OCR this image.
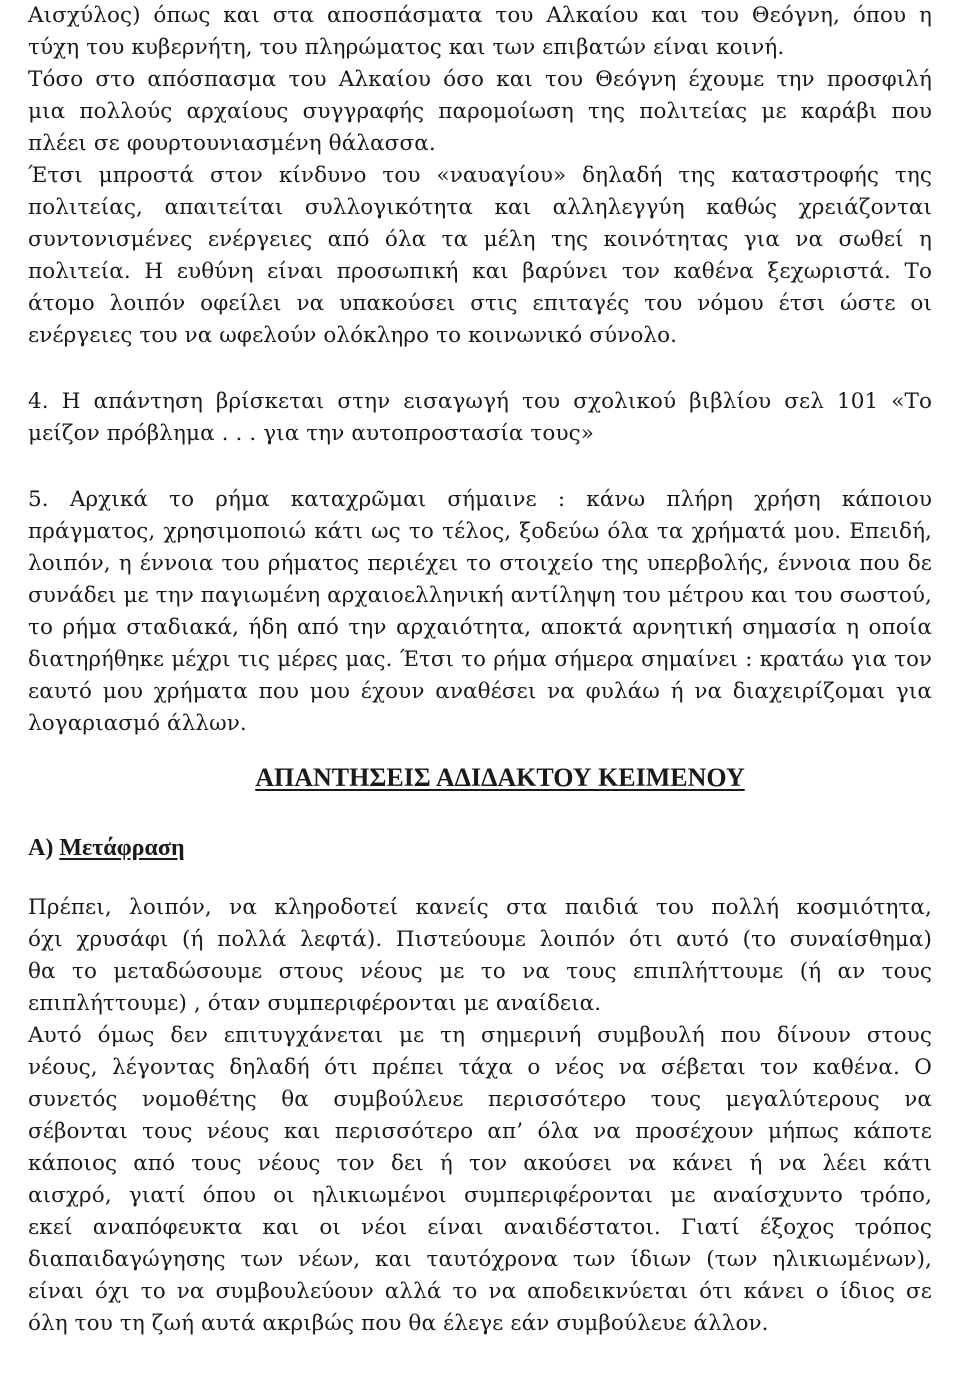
Αισχύλος) όπως και στα αποσπάσματα του Αλκαίου και του Θεόγνη, όπου η
τύχη του κυβερνήτη, του πληρώματος και των επιβατών είναι κοινή.
Τόσο στο απόσπασμα του Αλκαίου όσο και του Θεόγνη έχουμε την προσφιλή
μια πολλούς αρχαίους συγγραφής παρομοίωση της πολιτείας με καράβι που
πλέει σε φουρτουνιασμένη θάλασσα.
Έτσι μπροστά στον κίνδυνο του «ναυαγίου» δηλαδή της καταστροφής της
πολιτείας, απαιτείται συλλογικότητα και αλληλεγγύη καθώς χρειάζονται
συντονισμένες ενέργειες από όλα τα μέλη της κοινότητας για να σωθεί η
πολιτεία. Η ευθύνη είναι προσωπική και βαρύνει τον καθένα ξεχωριστά. Το
άτομο λοιπόν οφείλει να υπακούσει στις επιταγές του νόμου έτσι ώστε οι
ενέργειες του να ωφελούν ολόκληρο το κοινωνικό σύνολο.
4. Η απάντηση βρίσκεται στην εισαγωγή του σχολικού βιβλίου σελ 101 «Το
μείζον πρόβλημα . . . για την αυτοπροστασία τους»
5. Αρχικά το ρήμα καταχρῶμαι σήμαινε : κάνω πλήρη χρήση κάποιου
πράγματος, χρησιμοποιώ κάτι ως το τέλος, ξοδεύω όλα τα χρήματά μου. Επειδή,
λοιπόν, η έννοια του ρήματος περιέχει το στοιχείο της υπερβολής, έννοια που δε
συνάδει με την παγιωμένη αρχαιοελληνική αντίληψη του μέτρου και του σωστού,
το ρήμα σταδιακά, ήδη από την αρχαιότητα, αποκτά αρνητική σημασία η οποία
διατηρήθηκε μέχρι τις μέρες μας. Έτσι το ρήμα σήμερα σημαίνει : κρατάω για τον
εαυτό μου χρήματα που μου έχουν αναθέσει να φυλάω ή να διαχειρίζομαι για
λογαριασμό άλλων.
ΑΠΑΝΤΗΣΕΙΣ ΑΔΙΔΑΚΤΟΥ ΚΕΙΜΕΝΟΥ
Α) Μετάφραση
Πρέπει, λοιπόν, να κληροδοτεί κανείς στα παιδιά του πολλή κοσμιότητα,
όχι χρυσάφι (ή πολλά λεφτά). Πιστεύουμε λοιπόν ότι αυτό (το συναίσθημα)
θα το μεταδώσουμε στους νέους με το να τους επιπλήττουμε (ή αν τους
επιπλήττουμε) , όταν συμπεριφέρονται με αναίδεια.
Αυτό όμως δεν επιτυγχάνεται με τη σημερινή συμβουλή που δίνουν στους
νέους, λέγοντας δηλαδή ότι πρέπει τάχα ο νέος να σέβεται τον καθένα. Ο
συνετός νομοθέτης θα συμβούλευε περισσότερο τους μεγαλύτερους να
σέβονται τους νέους και περισσότερο απ’ όλα να προσέχουν μήπως κάποτε
κάποιος από τους νέους τον δει ή τον ακούσει να κάνει ή να λέει κάτι
αισχρό, γιατί όπου οι ηλικιωμένοι συμπεριφέρονται με αναίσχυντο τρόπο,
εκεί αναπόφευκτα και οι νέοι είναι αναιδέστατοι. Γιατί έξοχος τρόπος
διαπαιδαγώγησης των νέων, και ταυτόχρονα των ίδιων (των ηλικιωμένων),
είναι όχι το να συμβουλεύουν αλλά το να αποδεικνύεται ότι κάνει ο ίδιος σε
όλη του τη ζωή αυτά ακριβώς που θα έλεγε εάν συμβούλευε άλλον.
